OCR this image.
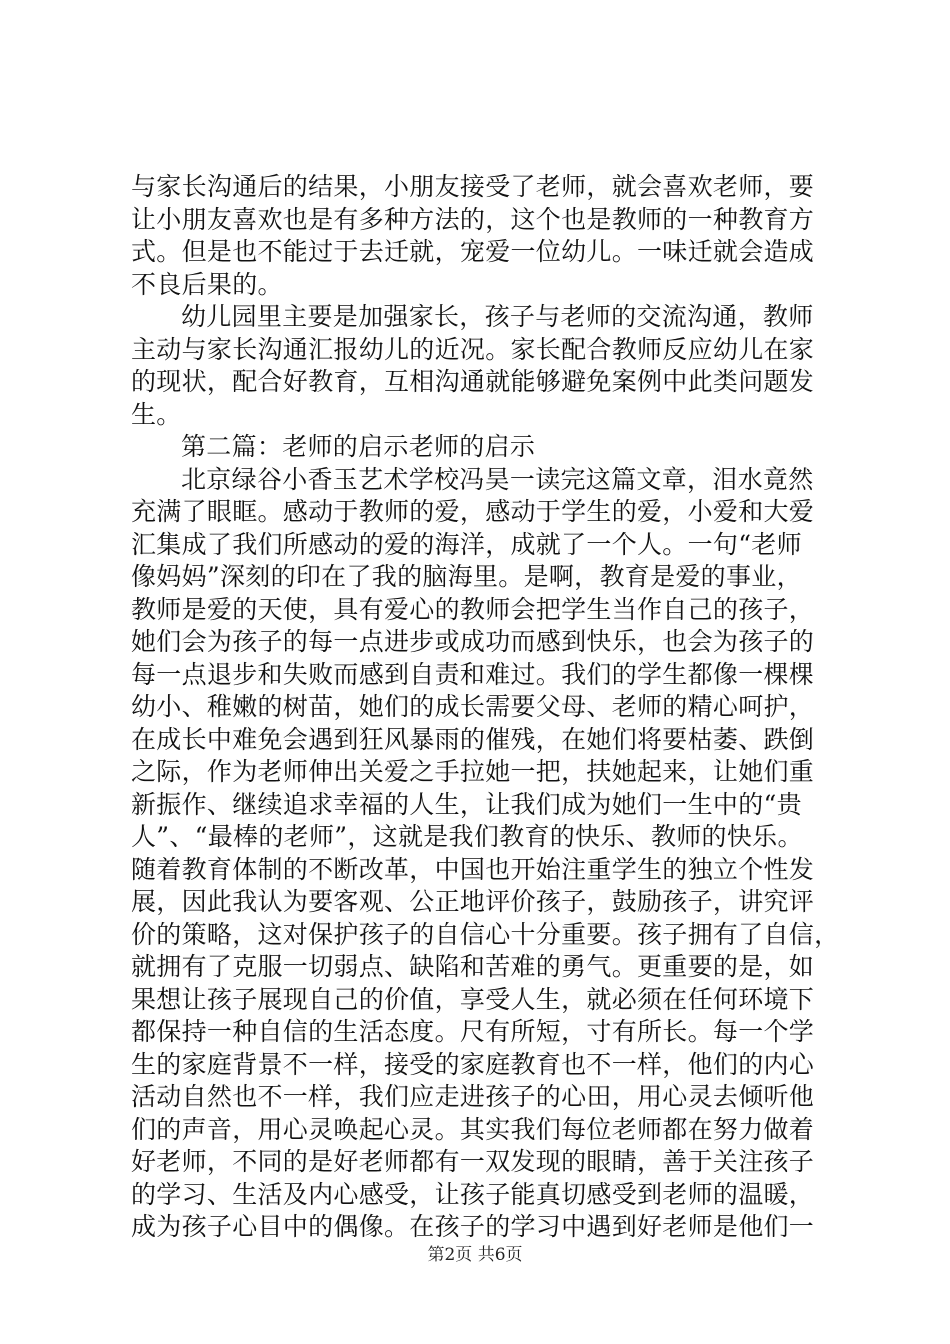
与家长沟通后的结果，小朋友接受了老师，就会喜欢老师，要

让小朋友喜欢也是有多种方法的，这个也是教师的一种教育方

式。但是也不能过于去迁就，宠爱一位幼儿。一味迁就会造成

不良后果的。

幼儿园里主要是加强家长，孩子与老师的交流沟通，教师

主动与家长沟通汇报幼儿的近况。家长配合教师反应幼儿在家

的现状，配合好教育，互相沟通就能够避免案例中此类问题发

生。

第二篇：老师的启示老师的启示

北京绿谷小香玉艺术学校冯昊一读完这篇文章，泪水竟然

充满了眼眶。感动于教师的爱，感动于学生的爱，小爱和大爱

汇集成了我们所感动的爱的海洋，成就了一个人。一句“老师

像妈妈”深刻的印在了我的脑海里。是啊，教育是爱的事业，

教师是爱的天使，具有爱心的教师会把学生当作自己的孩子，

她们会为孩子的每一点进步或成功而感到快乐，也会为孩子的

每一点退步和失败而感到自责和难过。我们的学生都像一棵棵

幼小、稚嫩的树苗，她们的成长需要父母、老师的精心呵护，

在成长中难免会遇到狂风暴雨的催残，在她们将要枯萎、跌倒

之际，作为老师伸出关爱之手拉她一把，扶她起来，让她们重

新振作、继续追求幸福的人生，让我们成为她们一生中的“贵

人”、“最棒的老师”，这就是我们教育的快乐、教师的快乐。

随着教育体制的不断改革，中国也开始注重学生的独立个性发

展，因此我认为要客观、公正地评价孩子，鼓励孩子，讲究评

价的策略，这对保护孩子的自信心十分重要。孩子拥有了自信，

就拥有了克服一切弱点、缺陷和苦难的勇气。更重要的是，如

果想让孩子展现自己的价值，享受人生，就必须在任何环境下

都保持一种自信的生活态度。尺有所短，寸有所长。每一个学

生的家庭背景不一样，接受的家庭教育也不一样，他们的内心

活动自然也不一样，我们应走进孩子的心田，用心灵去倾听他

们的声音，用心灵唤起心灵。其实我们每位老师都在努力做着

好老师，不同的是好老师都有一双发现的眼睛，善于关注孩子

的学习、生活及内心感受，让孩子能真切感受到老师的温暖，

成为孩子心目中的偶像。在孩子的学习中遇到好老师是他们一

第2页 共6页
